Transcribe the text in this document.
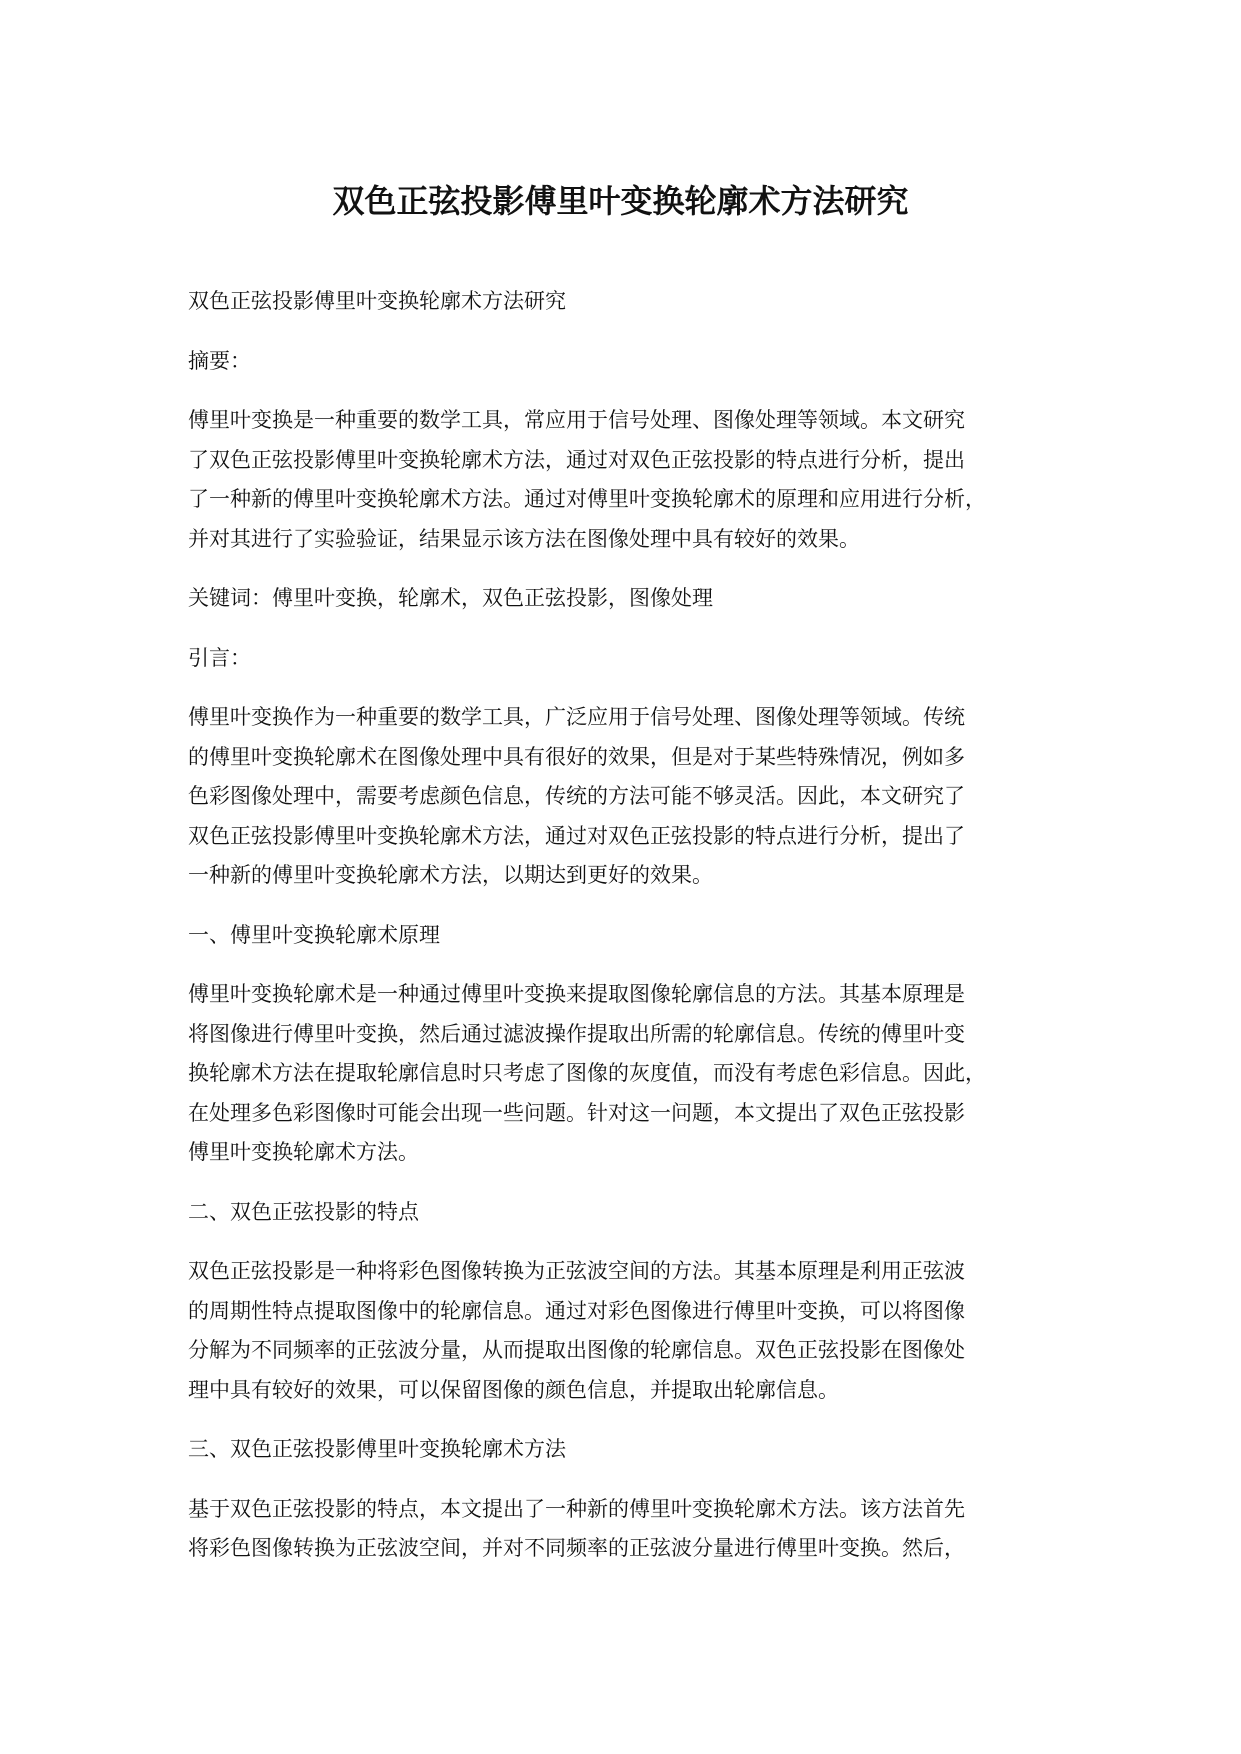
双色正弦投影傅里叶变换轮廓术方法研究
双色正弦投影傅里叶变换轮廓术方法研究
摘要：
傅里叶变换是一种重要的数学工具，常应用于信号处理、图像处理等领域。本文研究
了双色正弦投影傅里叶变换轮廓术方法，通过对双色正弦投影的特点进行分析，提出
了一种新的傅里叶变换轮廓术方法。通过对傅里叶变换轮廓术的原理和应用进行分析，
并对其进行了实验验证，结果显示该方法在图像处理中具有较好的效果。
关键词：傅里叶变换，轮廓术，双色正弦投影，图像处理
引言：
傅里叶变换作为一种重要的数学工具，广泛应用于信号处理、图像处理等领域。传统
的傅里叶变换轮廓术在图像处理中具有很好的效果，但是对于某些特殊情况，例如多
色彩图像处理中，需要考虑颜色信息，传统的方法可能不够灵活。因此，本文研究了
双色正弦投影傅里叶变换轮廓术方法，通过对双色正弦投影的特点进行分析，提出了
一种新的傅里叶变换轮廓术方法，以期达到更好的效果。
一、傅里叶变换轮廓术原理
傅里叶变换轮廓术是一种通过傅里叶变换来提取图像轮廓信息的方法。其基本原理是
将图像进行傅里叶变换，然后通过滤波操作提取出所需的轮廓信息。传统的傅里叶变
换轮廓术方法在提取轮廓信息时只考虑了图像的灰度值，而没有考虑色彩信息。因此，
在处理多色彩图像时可能会出现一些问题。针对这一问题，本文提出了双色正弦投影
傅里叶变换轮廓术方法。
二、双色正弦投影的特点
双色正弦投影是一种将彩色图像转换为正弦波空间的方法。其基本原理是利用正弦波
的周期性特点提取图像中的轮廓信息。通过对彩色图像进行傅里叶变换，可以将图像
分解为不同频率的正弦波分量，从而提取出图像的轮廓信息。双色正弦投影在图像处
理中具有较好的效果，可以保留图像的颜色信息，并提取出轮廓信息。
三、双色正弦投影傅里叶变换轮廓术方法
基于双色正弦投影的特点，本文提出了一种新的傅里叶变换轮廓术方法。该方法首先
将彩色图像转换为正弦波空间，并对不同频率的正弦波分量进行傅里叶变换。然后，
